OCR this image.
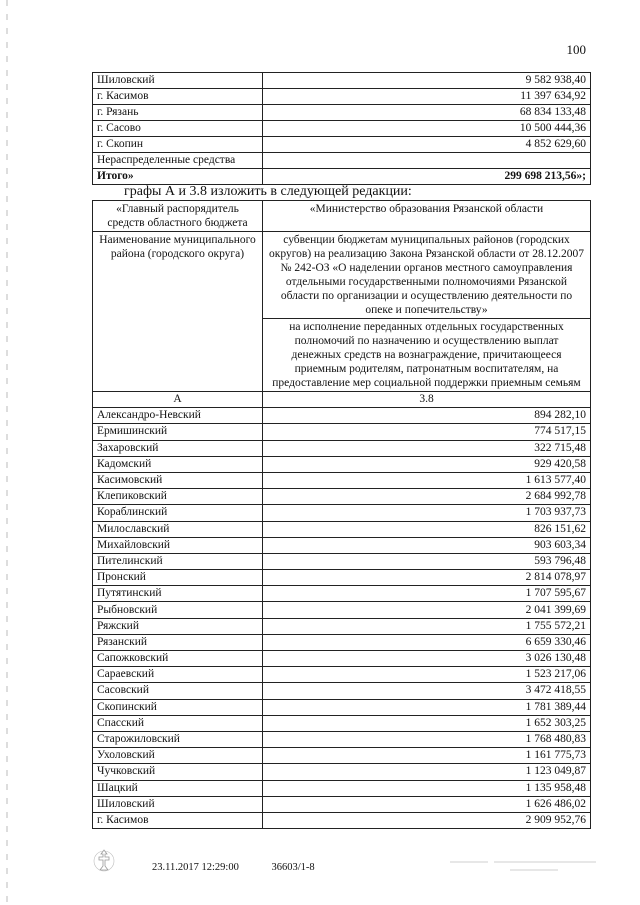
100
Шиловский	9 582 938,40
г. Касимов	11 397 634,92
г. Рязань	68 834 133,48
г. Сасово	10 500 444,36
г. Скопин	4 852 629,60
Нераспределенные средства	
Итого»	299 698 213,56»;
графы А и 3.8 изложить в следующей редакции:
«Главный распорядитель средств областного бюджета	«Министерство образования Рязанской области
Наименование муниципального района (городского округа)	субвенции бюджетам муниципальных районов (городских округов) на реализацию Закона Рязанской области от 28.12.2007 № 242-ОЗ «О наделении органов местного самоуправления отдельными государственными полномочиями Рязанской области по организации и осуществлению деятельности по опеке и попечительству»
	на исполнение переданных отдельных государственных полномочий по назначению и осуществлению выплат денежных средств на вознаграждение, причитающееся приемным родителям, патронатным воспитателям, на предоставление мер социальной поддержки приемным семьям
А	3.8
Александро-Невский	894 282,10
Ермишинский	774 517,15
Захаровский	322 715,48
Кадомский	929 420,58
Касимовский	1 613 577,40
Клепиковский	2 684 992,78
Кораблинский	1 703 937,73
Милославский	826 151,62
Михайловский	903 603,34
Пителинский	593 796,48
Пронский	2 814 078,97
Путятинский	1 707 595,67
Рыбновский	2 041 399,69
Ряжский	1 755 572,21
Рязанский	6 659 330,46
Сапожковский	3 026 130,48
Сараевский	1 523 217,06
Сасовский	3 472 418,55
Скопинский	1 781 389,44
Спасский	1 652 303,25
Старожиловский	1 768 480,83
Ухоловский	1 161 775,73
Чучковский	1 123 049,87
Шацкий	1 135 958,48
Шиловский	1 626 486,02
г. Касимов	2 909 952,76
23.11.2017 12:29:00	36603/1-8
